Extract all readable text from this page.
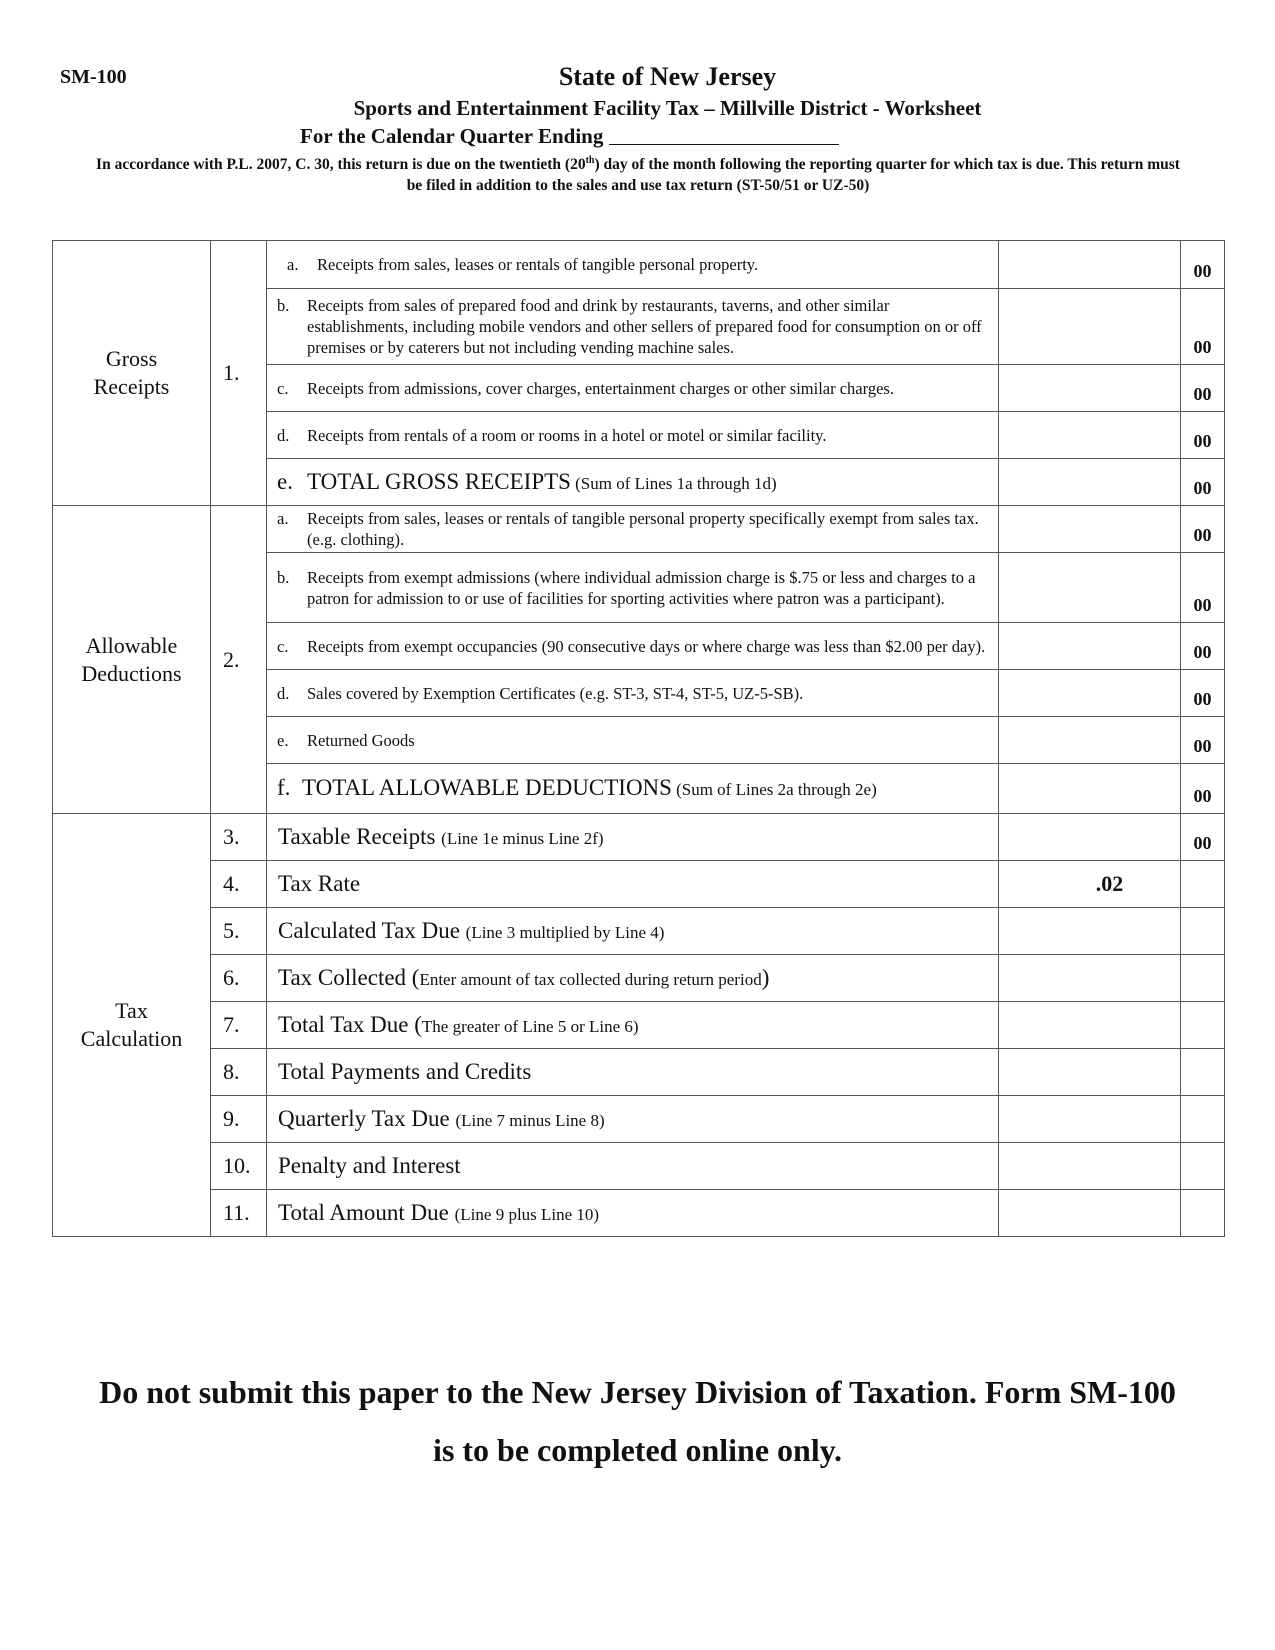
SM-100	State of New Jersey
Sports and Entertainment Facility Tax – Millville District - Worksheet
For the Calendar Quarter Ending
In accordance with P.L. 2007, C. 30, this return is due on the twentieth (20th) day of the month following the reporting quarter for which tax is due. This return must be filed in addition to the sales and use tax return (ST-50/51 or UZ-50)
Gross
Receipts	1.	a. Receipts from sales, leases or rentals of tangible personal property.		00

		b. Receipts from sales of prepared food and drink by restaurants, taverns, and other similar establishments, including mobile vendors and other sellers of prepared food for consumption on or off premises or by caterers but not including vending machine sales.		00

		c. Receipts from admissions, cover charges, entertainment charges or other similar charges.		00

		d. Receipts from rentals of a room or rooms in a hotel or motel or similar facility.		00

		e. TOTAL GROSS RECEIPTS (Sum of Lines 1a through 1d)		00
Allowable
Deductions	2.	a. Receipts from sales, leases or rentals of tangible personal property specifically exempt from sales tax. (e.g. clothing).		00

		b. Receipts from exempt admissions (where individual admission charge is $.75 or less and charges to a patron for admission to or use of facilities for sporting activities where patron was a participant).		00

		c. Receipts from exempt occupancies (90 consecutive days or where charge was less than $2.00 per day).		00

		d. Sales covered by Exemption Certificates (e.g. ST-3, ST-4, ST-5, UZ-5-SB).		00

		e. Returned Goods		00

		f. TOTAL ALLOWABLE DEDUCTIONS (Sum of Lines 2a through 2e)		00
Tax
Calculation	3.	Taxable Receipts (Line 1e minus Line 2f)		00
	4.	Tax Rate	.02	
	5.	Calculated Tax Due (Line 3 multiplied by Line 4)		
	6.	Tax Collected (Enter amount of tax collected during return period)		
	7.	Total Tax Due (The greater of Line 5 or Line 6)		
	8.	Total Payments and Credits		
	9.	Quarterly Tax Due (Line 7 minus Line 8)		
	10.	Penalty and Interest		
	11.	Total Amount Due (Line 9 plus Line 10)		
Do not submit this paper to the New Jersey Division of Taxation. Form SM-100
is to be completed online only.
